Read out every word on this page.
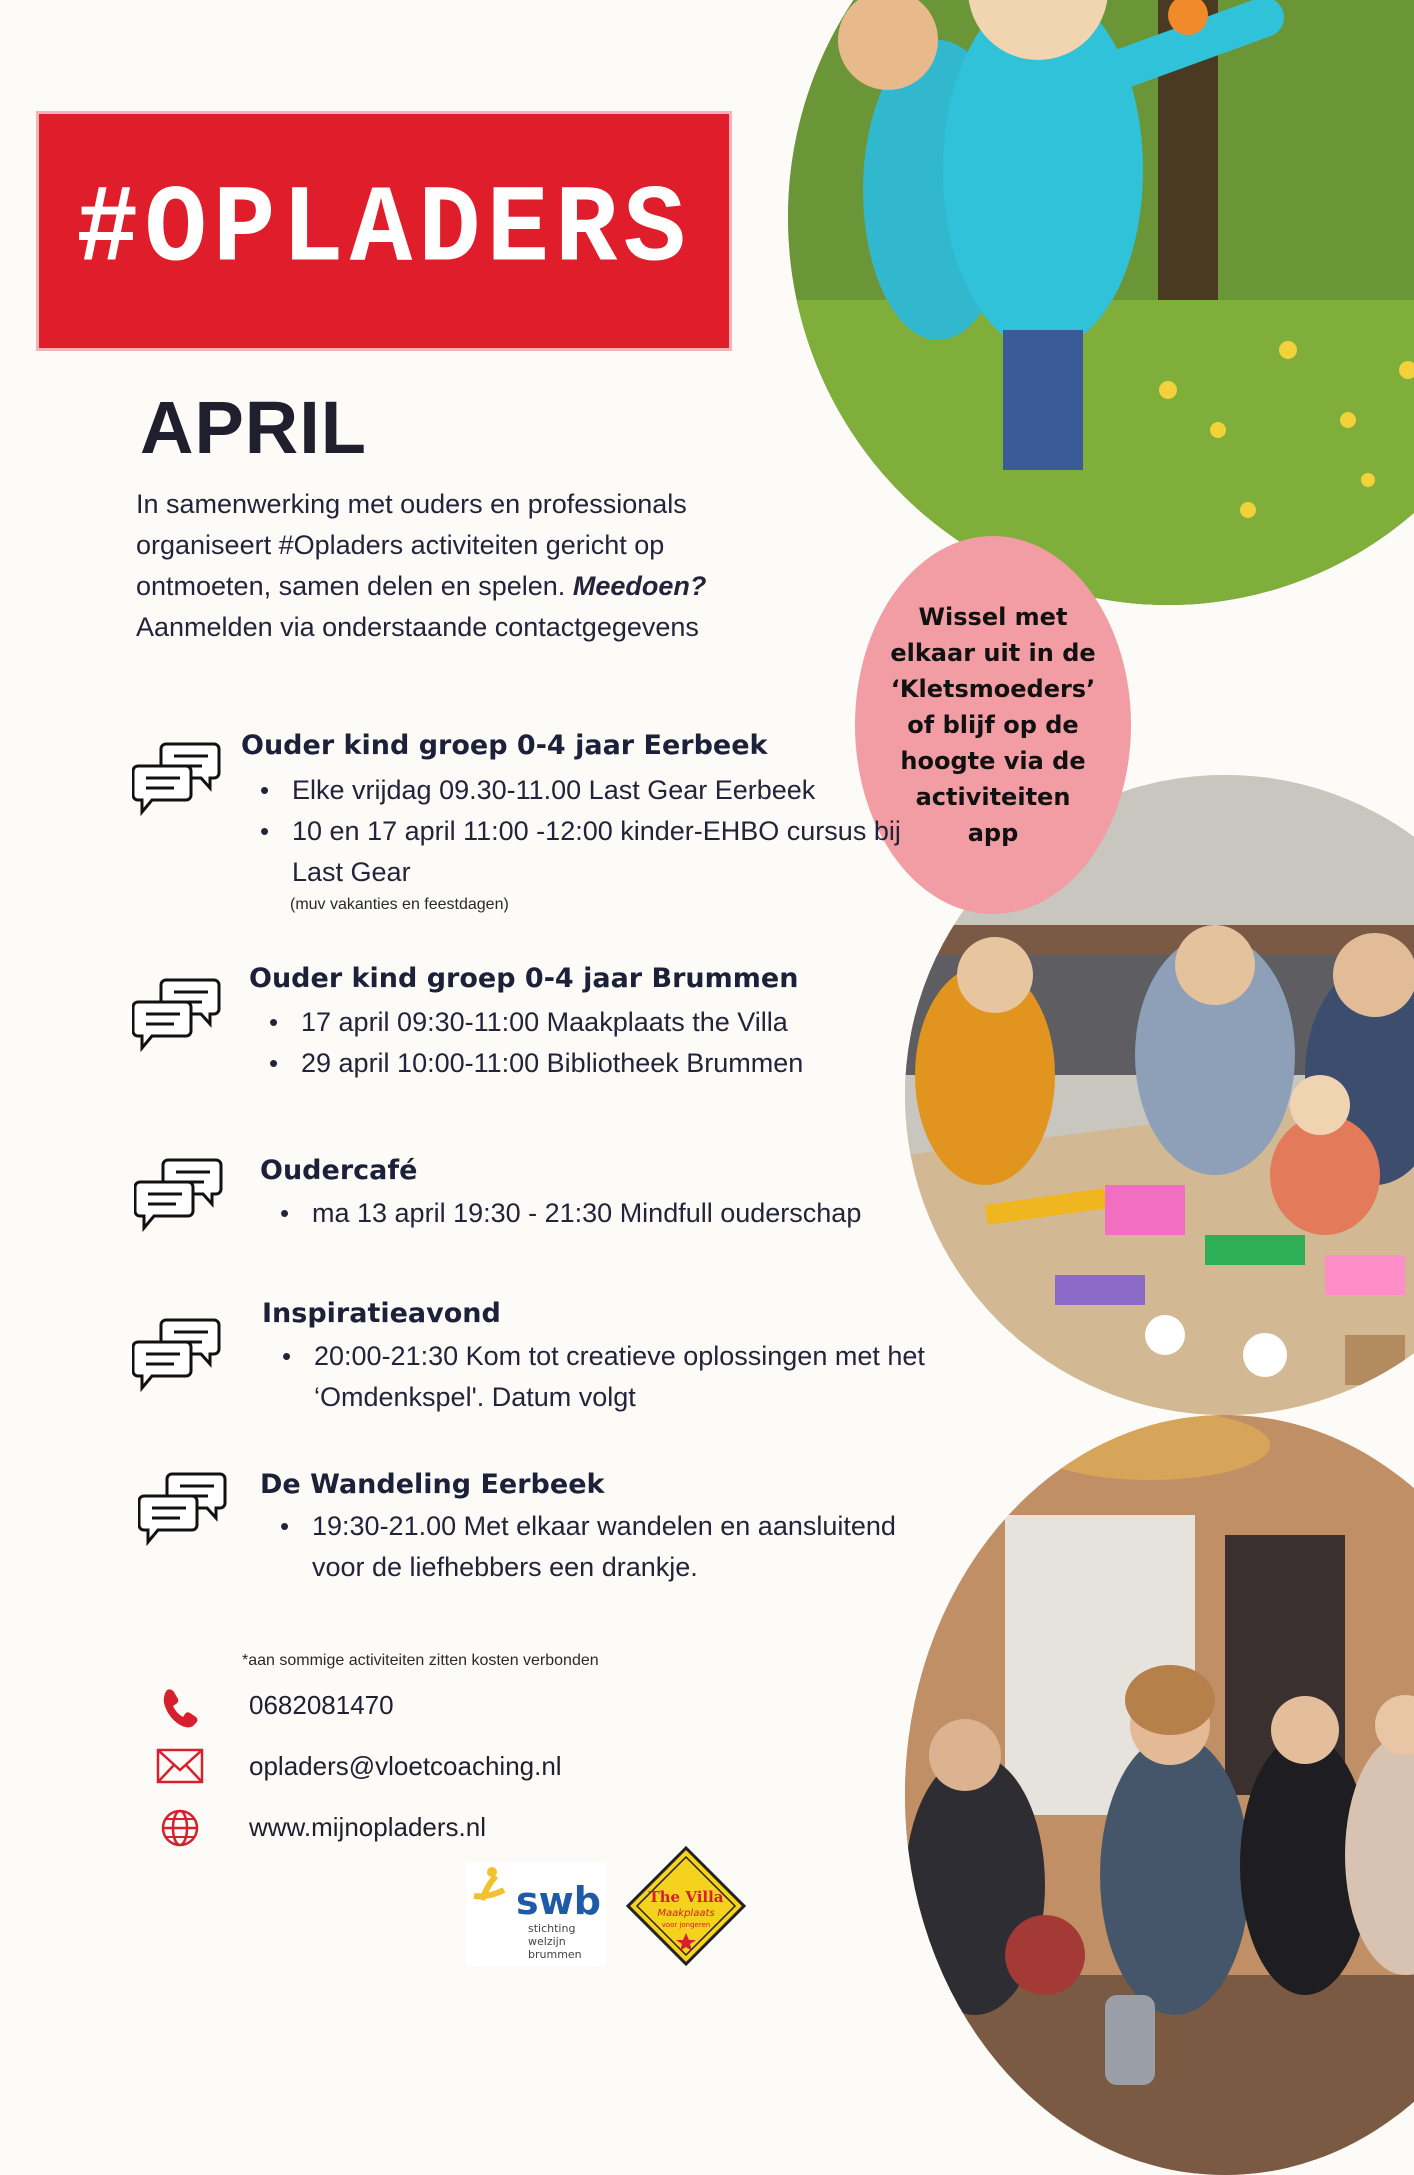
Wissel met elkaar uit in de ‘Kletsmoeders’ of blijf op de hoogte via de activiteiten app
#OPLADERS
APRIL
In samenwerking met ouders en professionals organiseert #Opladers activiteiten gericht op ontmoeten, samen delen en spelen. Meedoen?
Aanmelden via onderstaande contactgegevens
Ouder kind groep 0-4 jaar Eerbeek
• Elke vrijdag 09.30-11.00 Last Gear Eerbeek
• 10 en 17 april 11:00 -12:00 kinder-EHBO cursus bij Last Gear
(muv vakanties en feestdagen)
Ouder kind groep 0-4 jaar Brummen
• 17 april 09:30-11:00 Maakplaats the Villa
• 29 april 10:00-11:00 Bibliotheek Brummen
Oudercafé
• ma 13 april 19:30 - 21:30 Mindfull ouderschap
Inspiratieavond
• 20:00-21:30 Kom tot creatieve oplossingen met het ‘Omdenkspel'. Datum volgt
De Wandeling Eerbeek
• 19:30-21.00 Met elkaar wandelen en aansluitend voor de liefhebbers een drankje.
*aan sommige activiteiten zitten kosten verbonden
0682081470
opladers@vloetcoaching.nl
www.mijnopladers.nl
swb
stichting
welzijn
brummen
The Villa
Maakplaats
voor jongeren
